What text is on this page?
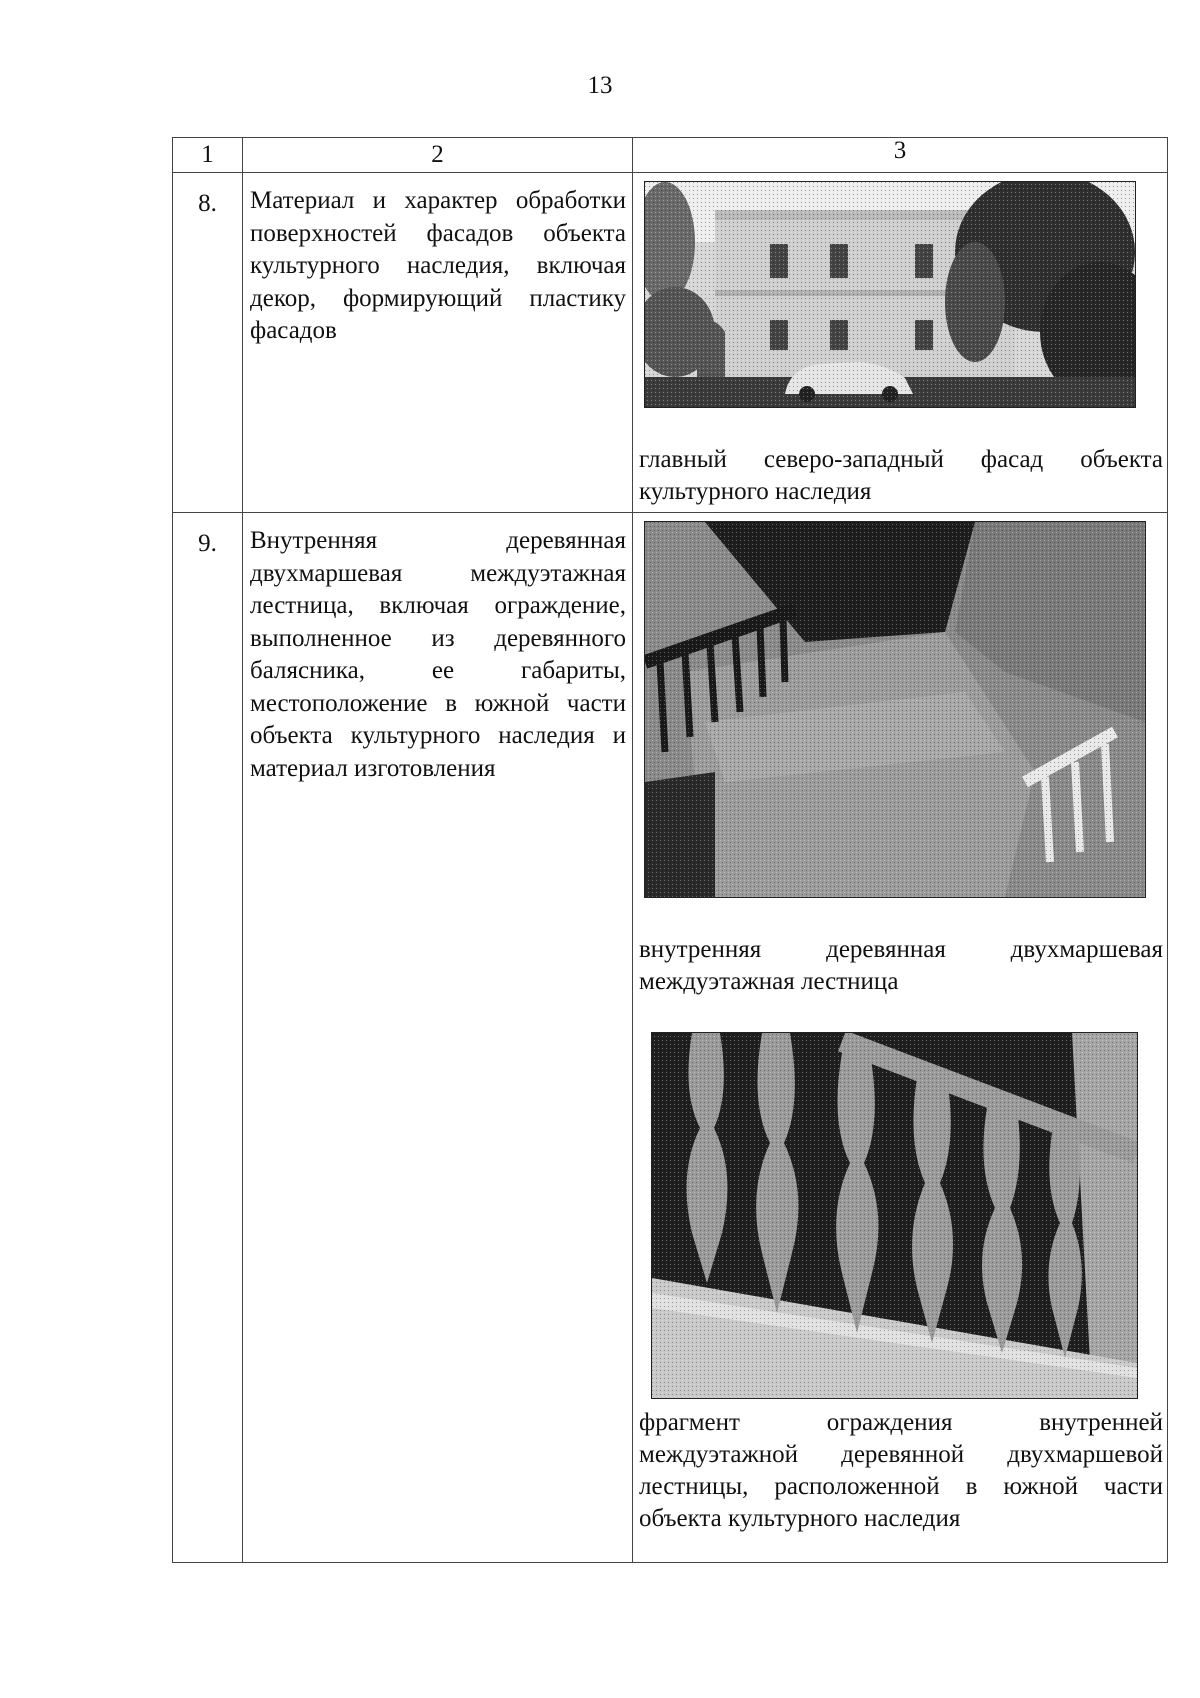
13
1	2	3
8.	Материал и характер обработки поверхностей фасадов объекта культурного наследия, включая декор, формирующий пластику фасадов	главный северо-западный фасад объекта культурного наследия

9.	Внутренняя деревянная двухмаршевая междуэтажная лестница, включая ограждение, выполненное из деревянного балясника, ее габариты, местоположение в южной части объекта культурного наследия и материал изготовления	внутренняя деревянная двухмаршевая междуэтажная лестница

фрагмент ограждения внутренней междуэтажной деревянной двухмаршевой лестницы, расположенной в южной части объекта культурного наследия
